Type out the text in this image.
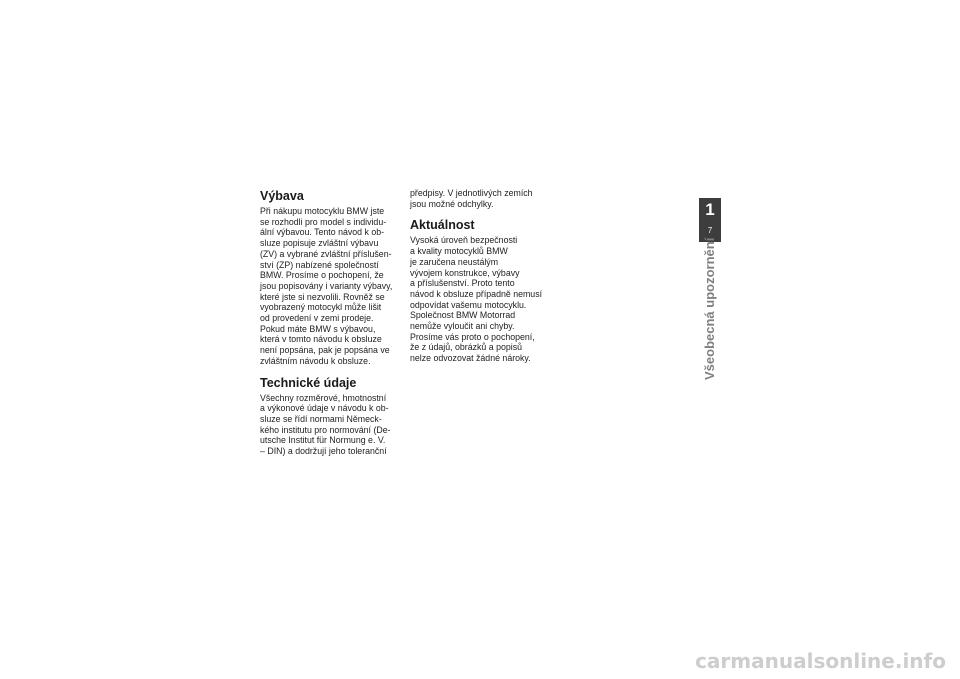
Výbava
Při nákupu motocyklu BMW jste
se rozhodli pro model s individu-
ální výbavou. Tento návod k ob-
sluze popisuje zvláštní výbavu
(ZV) a vybrané zvláštní příslušen-
ství (ZP) nabízené společností
BMW. Prosíme o pochopení, že
jsou popisovány i varianty výbavy,
které jste si nezvolili. Rovněž se
vyobrazený motocykl může lišit
od provedení v zemi prodeje.
Pokud máte BMW s výbavou,
která v tomto návodu k obsluze
není popsána, pak je popsána ve
zvláštním návodu k obsluze.
Technické údaje
Všechny rozměrové, hmotnostní
a výkonové údaje v návodu k ob-
sluze se řídí normami Německ-
kého institutu pro normování (De-
utsche Institut für Normung e. V.
– DIN) a dodržují jeho toleranční
předpisy. V jednotlivých zemích
jsou možné odchylky.
Aktuálnost
Vysoká úroveň bezpečnosti
a kvality motocyklů BMW
je zaručena neustálým
vývojem konstrukce, výbavy
a příslušenství. Proto tento
návod k obsluze případně nemusí
odpovídat vašemu motocyklu.
Společnost BMW Motorrad
nemůže vyloučit ani chyby.
Prosíme vás proto o pochopení,
že z údajů, obrázků a popisů
nelze odvozovat žádné nároky.
1
7
Všeobecná upozornění
carmanualsonline.info
